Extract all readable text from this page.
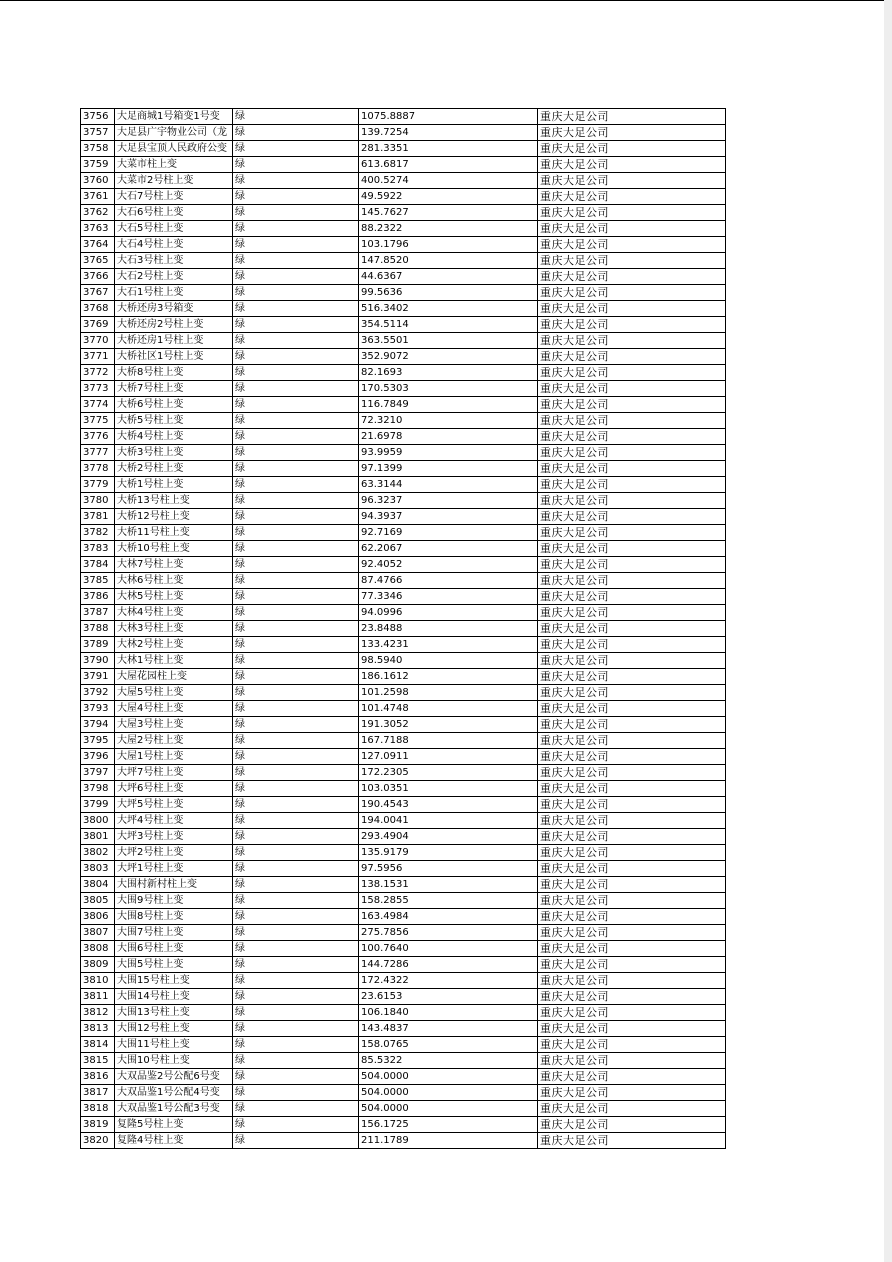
3756	大足商城1号箱变1号变	绿	1075.8887	重庆大足公司
3757	大足县广宇物业公司（龙	绿	139.7254	重庆大足公司
3758	大足县宝顶人民政府公变	绿	281.3351	重庆大足公司
3759	大菜市柱上变	绿	613.6817	重庆大足公司
3760	大菜市2号柱上变	绿	400.5274	重庆大足公司
3761	大石7号柱上变	绿	49.5922	重庆大足公司
3762	大石6号柱上变	绿	145.7627	重庆大足公司
3763	大石5号柱上变	绿	88.2322	重庆大足公司
3764	大石4号柱上变	绿	103.1796	重庆大足公司
3765	大石3号柱上变	绿	147.8520	重庆大足公司
3766	大石2号柱上变	绿	44.6367	重庆大足公司
3767	大石1号柱上变	绿	99.5636	重庆大足公司
3768	大桥还房3号箱变	绿	516.3402	重庆大足公司
3769	大桥还房2号柱上变	绿	354.5114	重庆大足公司
3770	大桥还房1号柱上变	绿	363.5501	重庆大足公司
3771	大桥社区1号柱上变	绿	352.9072	重庆大足公司
3772	大桥8号柱上变	绿	82.1693	重庆大足公司
3773	大桥7号柱上变	绿	170.5303	重庆大足公司
3774	大桥6号柱上变	绿	116.7849	重庆大足公司
3775	大桥5号柱上变	绿	72.3210	重庆大足公司
3776	大桥4号柱上变	绿	21.6978	重庆大足公司
3777	大桥3号柱上变	绿	93.9959	重庆大足公司
3778	大桥2号柱上变	绿	97.1399	重庆大足公司
3779	大桥1号柱上变	绿	63.3144	重庆大足公司
3780	大桥13号柱上变	绿	96.3237	重庆大足公司
3781	大桥12号柱上变	绿	94.3937	重庆大足公司
3782	大桥11号柱上变	绿	92.7169	重庆大足公司
3783	大桥10号柱上变	绿	62.2067	重庆大足公司
3784	大林7号柱上变	绿	92.4052	重庆大足公司
3785	大林6号柱上变	绿	87.4766	重庆大足公司
3786	大林5号柱上变	绿	77.3346	重庆大足公司
3787	大林4号柱上变	绿	94.0996	重庆大足公司
3788	大林3号柱上变	绿	23.8488	重庆大足公司
3789	大林2号柱上变	绿	133.4231	重庆大足公司
3790	大林1号柱上变	绿	98.5940	重庆大足公司
3791	大屋花园柱上变	绿	186.1612	重庆大足公司
3792	大屋5号柱上变	绿	101.2598	重庆大足公司
3793	大屋4号柱上变	绿	101.4748	重庆大足公司
3794	大屋3号柱上变	绿	191.3052	重庆大足公司
3795	大屋2号柱上变	绿	167.7188	重庆大足公司
3796	大屋1号柱上变	绿	127.0911	重庆大足公司
3797	大坪7号柱上变	绿	172.2305	重庆大足公司
3798	大坪6号柱上变	绿	103.0351	重庆大足公司
3799	大坪5号柱上变	绿	190.4543	重庆大足公司
3800	大坪4号柱上变	绿	194.0041	重庆大足公司
3801	大坪3号柱上变	绿	293.4904	重庆大足公司
3802	大坪2号柱上变	绿	135.9179	重庆大足公司
3803	大坪1号柱上变	绿	97.5956	重庆大足公司
3804	大围村新村柱上变	绿	138.1531	重庆大足公司
3805	大围9号柱上变	绿	158.2855	重庆大足公司
3806	大围8号柱上变	绿	163.4984	重庆大足公司
3807	大围7号柱上变	绿	275.7856	重庆大足公司
3808	大围6号柱上变	绿	100.7640	重庆大足公司
3809	大围5号柱上变	绿	144.7286	重庆大足公司
3810	大围15号柱上变	绿	172.4322	重庆大足公司
3811	大围14号柱上变	绿	23.6153	重庆大足公司
3812	大围13号柱上变	绿	106.1840	重庆大足公司
3813	大围12号柱上变	绿	143.4837	重庆大足公司
3814	大围11号柱上变	绿	158.0765	重庆大足公司
3815	大围10号柱上变	绿	85.5322	重庆大足公司
3816	大双品鉴2号公配6号变	绿	504.0000	重庆大足公司
3817	大双品鉴1号公配4号变	绿	504.0000	重庆大足公司
3818	大双品鉴1号公配3号变	绿	504.0000	重庆大足公司
3819	复隆5号柱上变	绿	156.1725	重庆大足公司
3820	复隆4号柱上变	绿	211.1789	重庆大足公司
